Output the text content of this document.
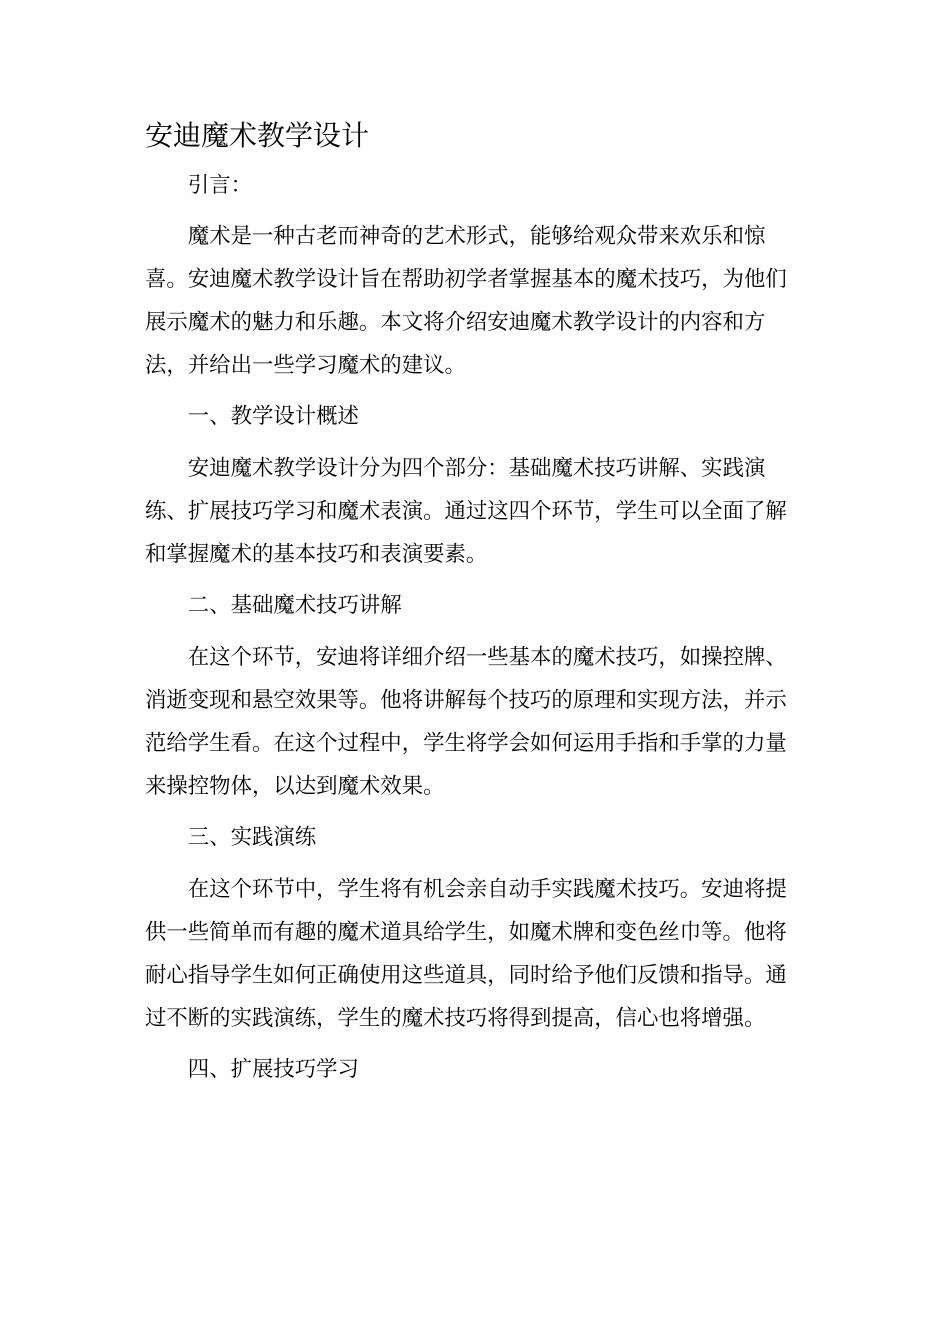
安迪魔术教学设计

引言：

魔术是一种古老而神奇的艺术形式，能够给观众带来欢乐和惊喜。安迪魔术教学设计旨在帮助初学者掌握基本的魔术技巧，为他们展示魔术的魅力和乐趣。本文将介绍安迪魔术教学设计的内容和方法，并给出一些学习魔术的建议。

一、教学设计概述

安迪魔术教学设计分为四个部分：基础魔术技巧讲解、实践演练、扩展技巧学习和魔术表演。通过这四个环节，学生可以全面了解和掌握魔术的基本技巧和表演要素。

二、基础魔术技巧讲解

在这个环节，安迪将详细介绍一些基本的魔术技巧，如操控牌、消逝变现和悬空效果等。他将讲解每个技巧的原理和实现方法，并示范给学生看。在这个过程中，学生将学会如何运用手指和手掌的力量来操控物体，以达到魔术效果。

三、实践演练

在这个环节中，学生将有机会亲自动手实践魔术技巧。安迪将提供一些简单而有趣的魔术道具给学生，如魔术牌和变色丝巾等。他将耐心指导学生如何正确使用这些道具，同时给予他们反馈和指导。通过不断的实践演练，学生的魔术技巧将得到提高，信心也将增强。

四、扩展技巧学习
